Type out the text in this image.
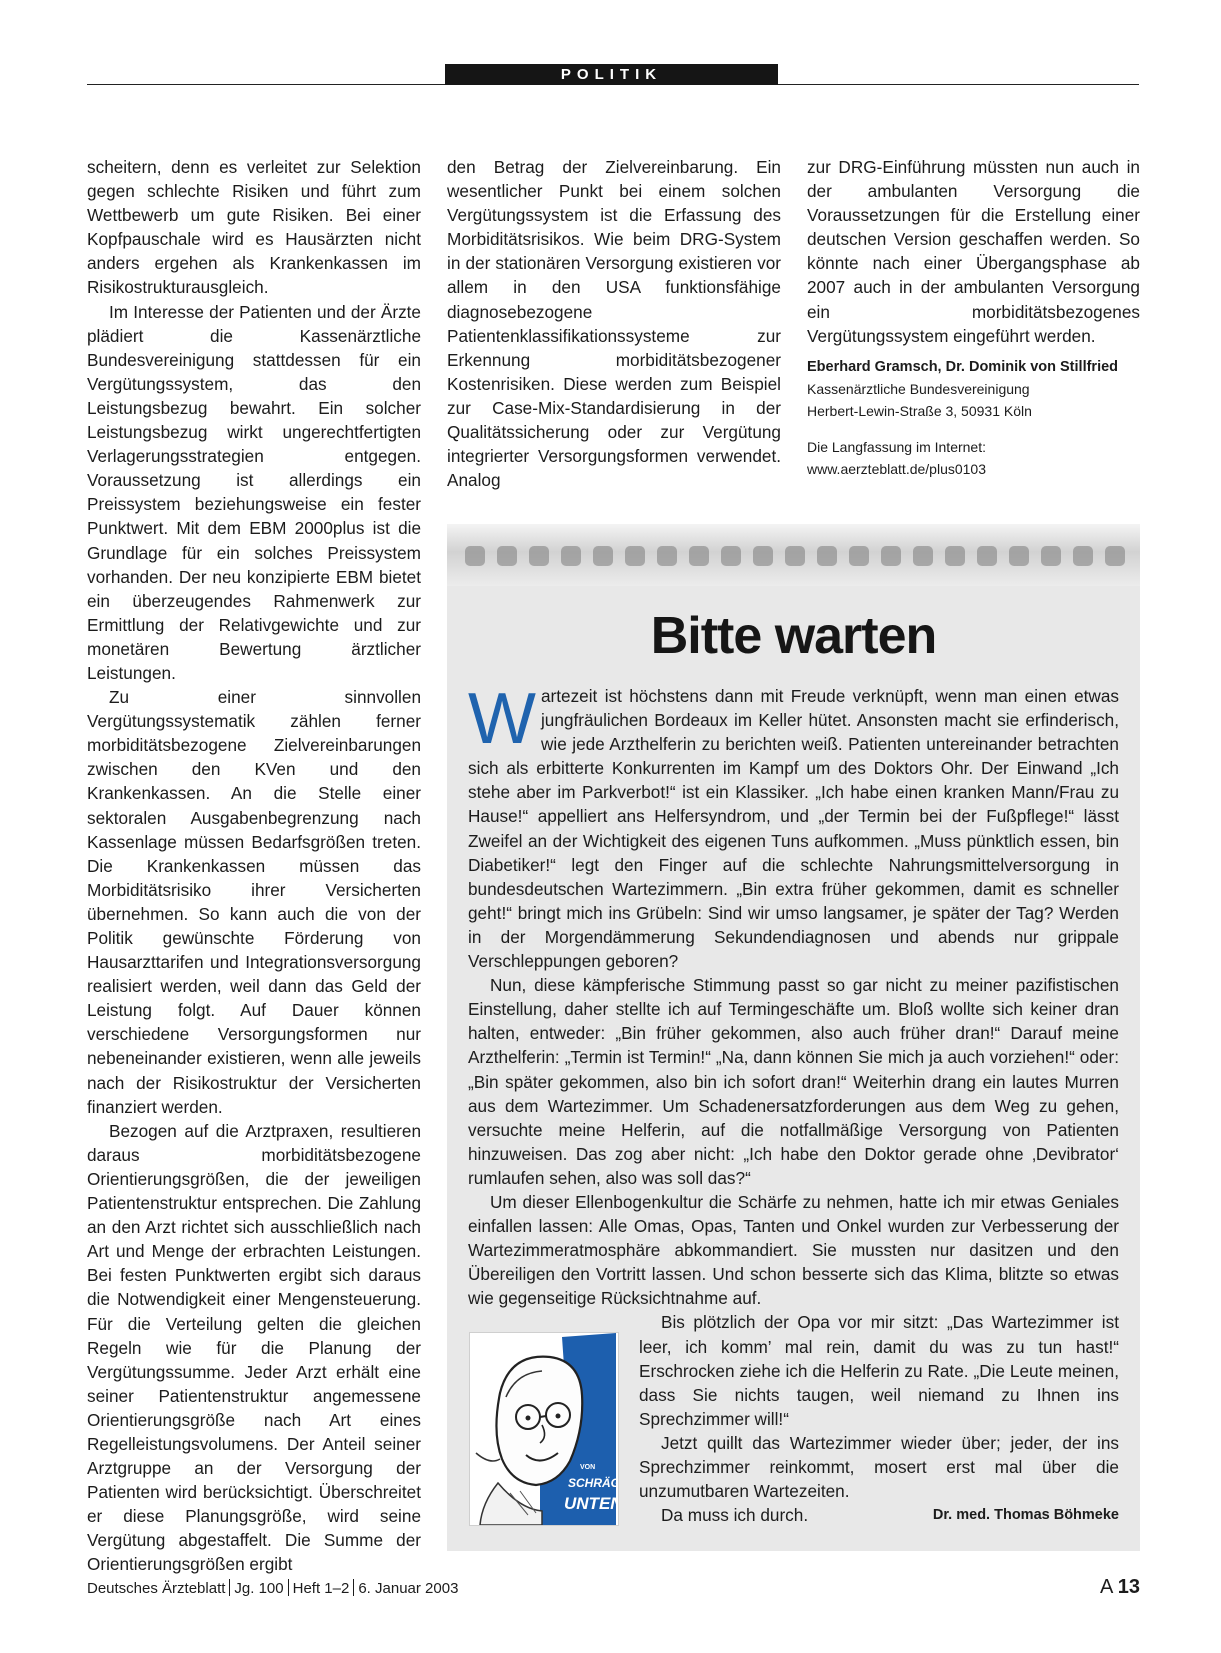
POLITIK

scheitern, denn es verleitet zur Selektion gegen schlechte Risiken und führt zum Wettbewerb um gute Risiken. Bei einer Kopfpauschale wird es Hausärzten nicht anders ergehen als Krankenkassen im Risikostrukturausgleich.

Im Interesse der Patienten und der Ärzte plädiert die Kassenärztliche Bundesvereinigung stattdessen für ein Vergütungssystem, das den Leistungsbezug bewahrt. Ein solcher Leistungsbezug wirkt ungerechtfertigten Verlagerungsstrategien entgegen. Voraussetzung ist allerdings ein Preissystem beziehungsweise ein fester Punktwert. Mit dem EBM 2000plus ist die Grundlage für ein solches Preissystem vorhanden. Der neu konzipierte EBM bietet ein überzeugendes Rahmenwerk zur Ermittlung der Relativgewichte und zur monetären Bewertung ärztlicher Leistungen.

Zu einer sinnvollen Vergütungssystematik zählen ferner morbiditätsbezogene Zielvereinbarungen zwischen den KVen und den Krankenkassen. An die Stelle einer sektoralen Ausgabenbegrenzung nach Kassenlage müssen Bedarfsgrößen treten. Die Krankenkassen müssen das Morbiditätsrisiko ihrer Versicherten übernehmen. So kann auch die von der Politik gewünschte Förderung von Hausarzttarifen und Integrationsversorgung realisiert werden, weil dann das Geld der Leistung folgt. Auf Dauer können verschiedene Versorgungsformen nur nebeneinander existieren, wenn alle jeweils nach der Risikostruktur der Versicherten finanziert werden.

Bezogen auf die Arztpraxen, resultieren daraus morbiditätsbezogene Orientierungsgrößen, die der jeweiligen Patientenstruktur entsprechen. Die Zahlung an den Arzt richtet sich ausschließlich nach Art und Menge der erbrachten Leistungen. Bei festen Punktwerten ergibt sich daraus die Notwendigkeit einer Mengensteuerung. Für die Verteilung gelten die gleichen Regeln wie für die Planung der Vergütungssumme. Jeder Arzt erhält eine seiner Patientenstruktur angemessene Orientierungsgröße nach Art eines Regelleistungsvolumens. Der Anteil seiner Arztgruppe an der Versorgung der Patienten wird berücksichtigt. Überschreitet er diese Planungsgröße, wird seine Vergütung abgestaffelt. Die Summe der Orientierungsgrößen ergibt

den Betrag der Zielvereinbarung. Ein wesentlicher Punkt bei einem solchen Vergütungssystem ist die Erfassung des Morbiditätsrisikos. Wie beim DRG-System in der stationären Versorgung existieren vor allem in den USA funktionsfähige diagnosebezogene Patientenklassifikationssysteme zur Erkennung morbiditätsbezogener Kostenrisiken. Diese werden zum Beispiel zur Case-Mix-Standardisierung in der Qualitätssicherung oder zur Vergütung integrierter Versorgungsformen verwendet. Analog

zur DRG-Einführung müssten nun auch in der ambulanten Versorgung die Voraussetzungen für die Erstellung einer deutschen Version geschaffen werden. So könnte nach einer Übergangsphase ab 2007 auch in der ambulanten Versorgung ein morbiditätsbezogenes Vergütungssystem eingeführt werden.

Eberhard Gramsch, Dr. Dominik von Stillfried

Kassenärztliche Bundesvereinigung

Herbert-Lewin-Straße 3, 50931 Köln

Die Langfassung im Internet: www.aerzteblatt.de/plus0103

Bitte warten

Wartezeit ist höchstens dann mit Freude verknüpft, wenn man einen etwas jungfräulichen Bordeaux im Keller hütet. Ansonsten macht sie erfinderisch, wie jede Arzthelferin zu berichten weiß. Patienten untereinander betrachten sich als erbitterte Konkurrenten im Kampf um des Doktors Ohr. Der Einwand „Ich stehe aber im Parkverbot!“ ist ein Klassiker. „Ich habe einen kranken Mann/Frau zu Hause!“ appelliert ans Helfersyndrom, und „der Termin bei der Fußpflege!“ lässt Zweifel an der Wichtigkeit des eigenen Tuns aufkommen. „Muss pünktlich essen, bin Diabetiker!“ legt den Finger auf die schlechte Nahrungsmittelversorgung in bundesdeutschen Wartezimmern. „Bin extra früher gekommen, damit es schneller geht!“ bringt mich ins Grübeln: Sind wir umso langsamer, je später der Tag? Werden in der Morgendämmerung Sekundendiagnosen und abends nur grippale Verschleppungen geboren?

Nun, diese kämpferische Stimmung passt so gar nicht zu meiner pazifistischen Einstellung, daher stellte ich auf Termingeschäfte um. Bloß wollte sich keiner dran halten, entweder: „Bin früher gekommen, also auch früher dran!“ Darauf meine Arzthelferin: „Termin ist Termin!“ „Na, dann können Sie mich ja auch vorziehen!“ oder: „Bin später gekommen, also bin ich sofort dran!“ Weiterhin drang ein lautes Murren aus dem Wartezimmer. Um Schadenersatzforderungen aus dem Weg zu gehen, versuchte meine Helferin, auf die notfallmäßige Versorgung von Patienten hinzuweisen. Das zog aber nicht: „Ich habe den Doktor gerade ohne ‚Devibrator‘ rumlaufen sehen, also was soll das?“

Um dieser Ellenbogenkultur die Schärfe zu nehmen, hatte ich mir etwas Geniales einfallen lassen: Alle Omas, Opas, Tanten und Onkel wurden zur Verbesserung der Wartezimmeratmosphäre abkommandiert. Sie mussten nur dasitzen und den Übereiligen den Vortritt lassen. Und schon besserte sich das Klima, blitzte so etwas wie gegenseitige Rücksichtnahme auf.

Bis plötzlich der Opa vor mir sitzt: „Das Wartezimmer ist leer, ich komm’ mal rein, damit du was zu tun hast!“ Erschrocken ziehe ich die Helferin zu Rate. „Die Leute meinen, dass Sie nichts taugen, weil niemand zu Ihnen ins Sprechzimmer will!“

Jetzt quillt das Wartezimmer wieder über; jeder, der ins Sprechzimmer reinkommt, mosert erst mal über die unzumutbaren Wartezeiten.

Da muss ich durch.	Dr. med. Thomas Böhmeke

VON
SCHRÄG
UNTEN
Deutsches Ärzteblatt Jg. 100 Heft 1–2 6. Januar 2003	A 13
